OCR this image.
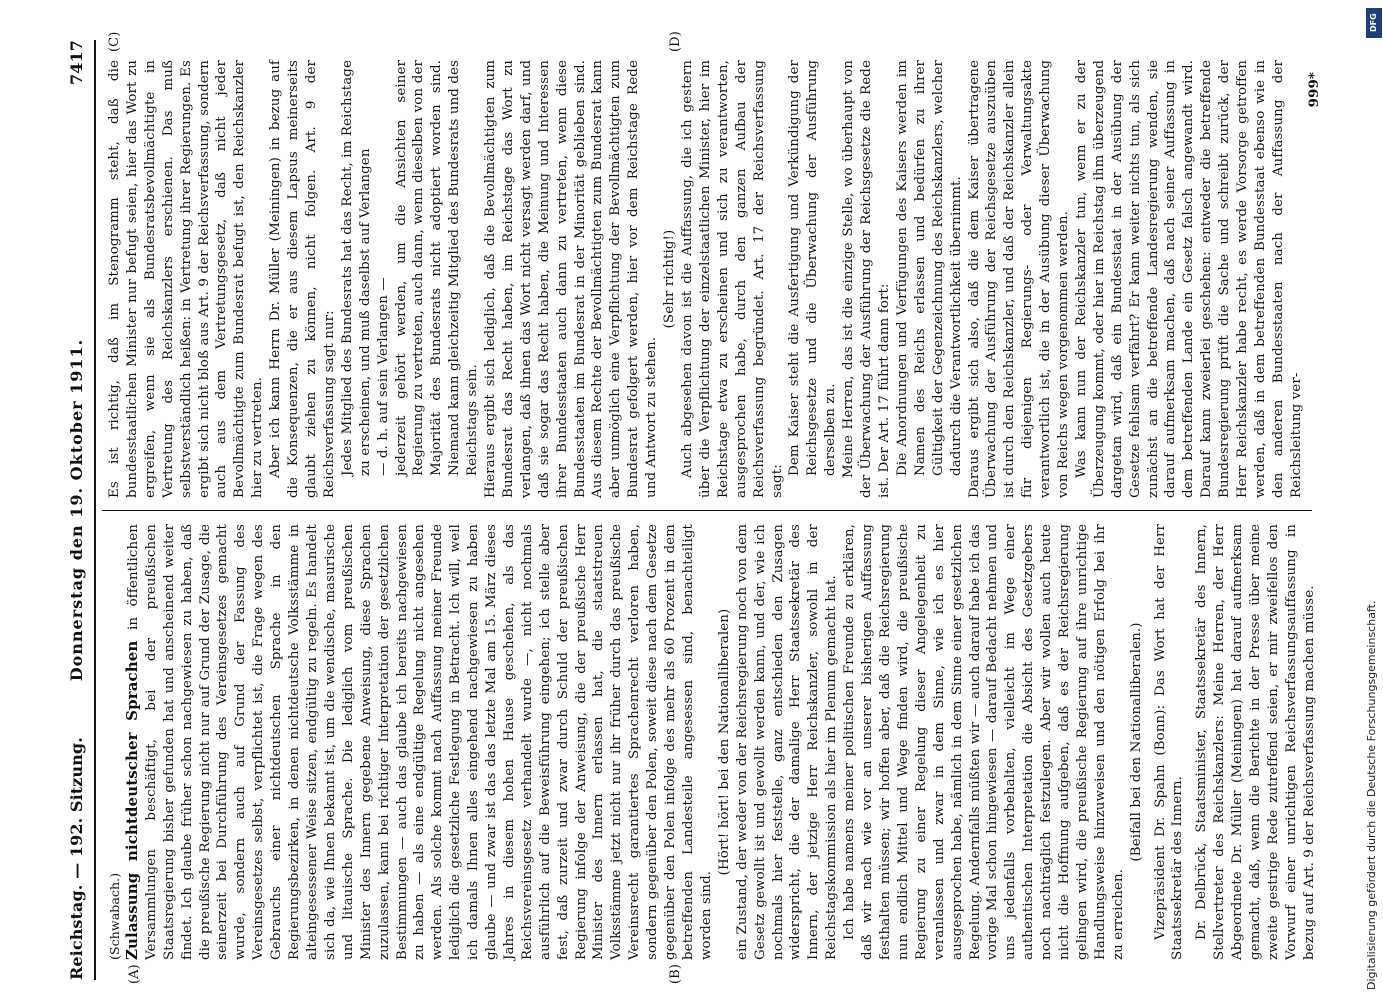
Reichstag. — 192. Sitzung.
Donnerstag den 19. Oktober 1911.
7417
(A)	(B)
(C)	(D)

(Schwabach.) Zulassung nichtdeutscher Sprachen in öffentlichen Versammlungen beschäftigt, bei der preußischen Staatsregierung bisher gefunden hat und anscheinend weiter findet. Ich glaube früher schon nachgewiesen zu haben, daß die preußische Regierung nicht nur auf Grund der Zusage, die seinerzeit bei Durchführung des Vereinsgesetzes gemacht wurde, sondern auch auf Grund der Fassung des Vereinsgesetzes selbst, verpflichtet ist, die Frage wegen des Gebrauchs einer nichtdeutschen Sprache in den Regierungsbezirken, in denen nichtdeutsche Volksstämme in alteingesessener Weise sitzen, endgültig zu regeln. Es handelt sich da, wie Ihnen bekannt ist, um die wendische, masurische und litauische Sprache. Die lediglich vom preußischen Minister des Innern gegebene Anweisung, diese Sprachen zuzulassen, kann bei richtiger Interpretation der gesetzlichen Bestimmungen — auch das glaube ich bereits nachgewiesen zu haben — als eine endgültige Regelung nicht angesehen werden. Als solche kommt nach Auffassung meiner Freunde lediglich die gesetzliche Festlegung in Betracht. Ich will, weil ich damals Ihnen alles eingehend nachgewiesen zu haben glaube — und zwar ist das das letzte Mal am 15. März dieses Jahres in diesem hohen Hause geschehen, als das Reichsvereinsgesetz verhandelt wurde —, nicht nochmals ausführlich auf die Beweisführung eingehen; ich stelle aber fest, daß zurzeit und zwar durch Schuld der preußischen Regierung infolge der Anweisung, die der preußische Herr Minister des Innern erlassen hat, die staatstreuen Volksstämme jetzt nicht nur ihr früher durch das preußische Vereinsrecht garantiertes Sprachenrecht verloren haben, sondern gegenüber den Polen, soweit diese nach dem Gesetze gegenüber den Polen infolge des mehr als 60 Prozent in dem betreffenden Landesteile angesessen sind, benachteiligt worden sind.

(Hört! hört! bei den Nationalliberalen) ein Zustand, der weder von der Reichsregierung noch von dem Gesetz gewollt ist und gewollt werden kann, und der, wie ich nochmals hier feststelle, ganz entschieden den Zusagen widerspricht, die der damalige Herr Staatssekretär des Innern, der jetzige Herr Reichskanzler, sowohl in der Reichstagskommission als hier im Plenum gemacht hat. Ich habe namens meiner politischen Freunde zu erklären, daß wir nach wie vor an unserer bisherigen Auffassung festhalten müssen; wir hoffen aber, daß die Reichsregierung nun endlich Mittel und Wege finden wird, die preußische Regierung zu einer Regelung dieser Angelegenheit zu veranlassen und zwar in dem Sinne, wie ich es hier ausgesprochen habe, nämlich in dem Sinne einer gesetzlichen Regelung. Andernfalls müßten wir — auch darauf habe ich das vorige Mal schon hingewiesen — darauf Bedacht nehmen und uns jedenfalls vorbehalten, vielleicht im Wege einer authentischen Interpretation die Absicht des Gesetzgebers noch nachträglich festzulegen. Aber wir wollen auch heute nicht die Hoffnung aufgeben, daß es der Reichsregierung gelingen wird, die preußische Regierung auf ihre unrichtige Handlungsweise hinzuweisen und den nötigen Erfolg bei ihr zu erreichen.

(Beifall bei den Nationalliberalen.) Vizepräsident Dr. Spahn (Bonn): Das Wort hat der Herr Staatssekretär des Innern. Dr. Delbrück, Staatsminister, Staatssekretär des Innern, Stellvertreter des Reichskanzlers: Meine Herren, der Herr Abgeordnete Dr. Müller (Meiningen) hat darauf aufmerksam gemacht, daß, wenn die Berichte in der Presse über meine zweite gestrige Rede zutreffend seien, er mir zweifellos den Vorwurf einer unrichtigen Reichsverfassungsauffassung in bezug auf Art. 9 der Reichsverfassung machen müsse.

Es ist richtig, daß im Stenogramm steht, daß die bundesstaatlichen Minister nur befugt seien, hier das Wort zu ergreifen, wenn sie als Bundesratsbevollmächtigte in Vertretung des Reichskanzlers erschienen. Das muß selbstverständlich heißen: in Vertretung ihrer Regierungen. Es ergibt sich nicht bloß aus Art. 9 der Reichsverfassung, sondern auch aus dem Vertretungsgesetz, daß nicht jeder Bevollmächtigte zum Bundesrat befugt ist, den Reichskanzler hier zu vertreten. Aber ich kann Herrn Dr. Müller (Meiningen) in bezug auf die Konsequenzen, die er aus diesem Lapsus meinerseits glaubt ziehen zu können, nicht folgen. Art. 9 der Reichsverfassung sagt nur: Jedes Mitglied des Bundesrats hat das Recht, im Reichstage zu erscheinen, und muß daselbst auf Verlangen — d. h. auf sein Verlangen — jederzeit gehört werden, um die Ansichten seiner Regierung zu vertreten, auch dann, wenn dieselben von der Majorität des Bundesrats nicht adoptiert worden sind. Niemand kann gleichzeitig Mitglied des Bundesrats und des Reichstags sein. Hieraus ergibt sich lediglich, daß die Bevollmächtigten zum Bundesrat das Recht haben, im Reichstage das Wort zu verlangen, daß ihnen das Wort nicht versagt werden darf, und daß sie sogar das Recht haben, die Meinung und Interessen ihrer Bundesstaaten auch dann zu vertreten, wenn diese Bundesstaaten im Bundesrat in der Minorität geblieben sind. Aus diesem Rechte der Bevollmächtigten zum Bundesrat kann aber unmöglich eine Verpflichtung der Bevollmächtigten zum Bundesrat gefolgert werden, hier vor dem Reichstage Rede und Antwort zu stehen.

(Sehr richtig!) Auch abgesehen davon ist die Auffassung, die ich gestern über die Verpflichtung der einzelstaatlichen Minister, hier im Reichstage etwa zu erscheinen und sich zu verantworten, ausgesprochen habe, durch den ganzen Aufbau der Reichsverfassung begründet. Art. 17 der Reichsverfassung sagt:

Dem Kaiser steht die Ausfertigung und Verkündigung der Reichsgesetze und die Überwachung der Ausführung derselben zu. Meine Herren, das ist die einzige Stelle, wo überhaupt von der Überwachung der Ausführung der Reichsgesetze die Rede ist. Der Art. 17 führt dann fort: Die Anordnungen und Verfügungen des Kaisers werden im Namen des Reichs erlassen und bedürfen zu ihrer Gültigkeit der Gegenzeichnung des Reichskanzlers, welcher dadurch die Verantwortlichkeit übernimmt. Daraus ergibt sich also, daß die dem Kaiser übertragene Überwachung der Ausführung der Reichsgesetze auszuüben ist durch den Reichskanzler, und daß der Reichskanzler allein für diejenigen Regierungs- oder Verwaltungsakte verantwortlich ist, die in der Ausübung dieser Überwachung von Reichs wegen vorgenommen werden. Was kann nun der Reichskanzler tun, wenn er zu der Überzeugung kommt, oder hier im Reichstag ihm überzeugend dargetan wird, daß ein Bundesstaat in der Ausübung der Gesetze fehlsam verfährt? Er kann weiter nichts tun, als sich zunächst an die betreffende Landesregierung wenden, sie darauf aufmerksam machen, daß nach seiner Auffassung in dem betreffenden Lande ein Gesetz falsch angewandt wird. Darauf kann zweierlei geschehen: entweder die betreffende Bundesregierung prüft die Sache und schreibt zurück, der Herr Reichskanzler habe recht, es werde Vorsorge getroffen werden, daß in dem betreffenden Bundesstaat ebenso wie in den anderen Bundesstaaten nach der Auffassung der Reichsleitung ver-

999*

DFG
Digitalisierung gefördert durch die Deutsche Forschungsgemeinschaft.
